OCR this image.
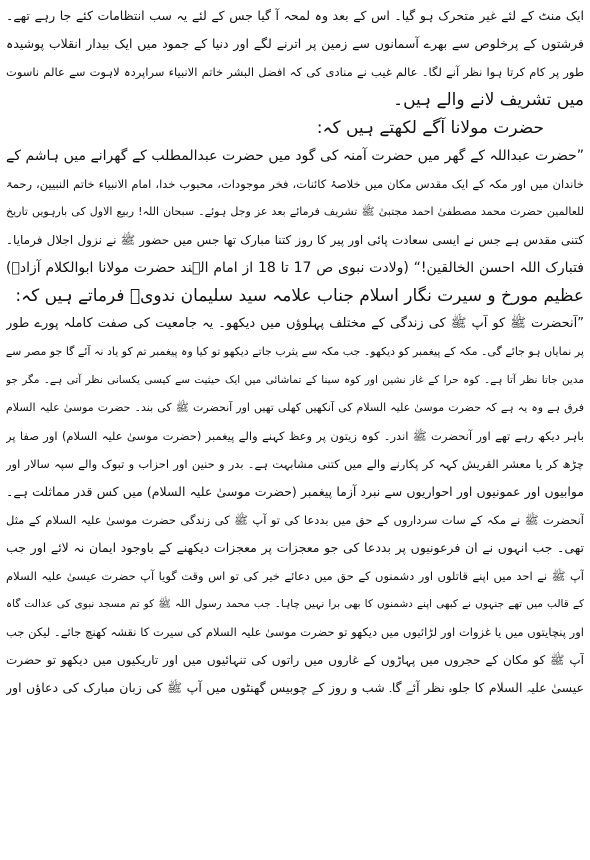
ایک منٹ کے لئے غیر متحرک ہو گیا۔ اس کے بعد وہ لمحہ آ گیا جس کے لئے یہ سب انتظامات کئے جا رہے تھے۔
فرشتوں کے پرخلوص سے بھرے آسمانوں سے زمین پر اترنے لگے اور دنیا کے جمود میں ایک بیدار انقلاب پوشیدہ
طور پر کام کرتا ہوا نظر آنے لگا۔ عالم غیب نے منادی کی کہ افضل البشر خاتم الانبیاء سراپردہ لاہوت سے عالم ناسوت
میں تشریف لانے والے ہیں۔
حضرت مولانا آگے لکھتے ہیں کہ:
”حضرت عبداللہ کے گھر میں حضرت آمنہ کی گود میں حضرت عبدالمطلب کے گھرانے میں ہاشم کے
خاندان میں اور مکہ کے ایک مقدس مکان میں خلاصۂ کائنات، فخر موجودات، محبوب خدا، امام الانبیاء خاتم النبیین، رحمۃ
للعالمین حضرت محمد مصطفیٰ احمد مجتبیٰ ﷺ تشریف فرمائے بعد عز وجل ہوئے۔ سبحان اللہ! ربیع الاول کی بارہویں تاریخ
کتنی مقدس ہے جس نے ایسی سعادت پائی اور پیر کا روز کتنا مبارک تھا جس میں حضور ﷺ نے نزول اجلال فرمایا۔
فتبارک اللہ احسن الخالقین!“ (ولادت نبوی ص 17 تا 18 از امام الہند حضرت مولانا ابوالکلام آزادؒ)
عظیم مورخ و سیرت نگار اسلام جناب علامہ سید سلیمان ندویؒ فرماتے ہیں کہ:
”آنحضرت ﷺ کو آپ ﷺ کی زندگی کے مختلف پہلوؤں میں دیکھو۔ یہ جامعیت کی صفت کاملہ پورے طور
پر نمایاں ہو جائے گی۔ مکہ کے پیغمبر کو دیکھو۔ جب مکہ سے یثرب جاتے دیکھو تو کیا وہ پیغمبر تم کو یاد نہ آئے گا جو مصر سے
مدین جاتا نظر آتا ہے۔ کوہ حرا کے غار نشین اور کوہ سینا کے تماشائی میں ایک حیثیت سے کیسی یکسانی نظر آتی ہے۔ مگر جو
فرق ہے وہ یہ ہے کہ حضرت موسیٰ علیہ السلام کی آنکھیں کھلی تھیں اور آنحضرت ﷺ کی بند۔ حضرت موسیٰ علیہ السلام
باہر دیکھ رہے تھے اور آنحضرت ﷺ اندر۔ کوہ زیتون پر وعظ کہنے والے پیغمبر (حضرت موسیٰ علیہ السلام) اور صفا پر
چڑھ کر یا معشر القریش کہہ کر پکارنے والے میں کتنی مشابہت ہے۔ بدر و حنین اور احزاب و تبوک والے سپہ سالار اور
موابیوں اور عمونیوں اور احواریوں سے نبرد آزما پیغمبر (حضرت موسیٰ علیہ السلام) میں کس قدر مماثلت ہے۔
آنحضرت ﷺ نے مکہ کے سات سرداروں کے حق میں بددعا کی تو آپ ﷺ کی زندگی حضرت موسیٰ علیہ السلام کے مثل
تھی۔ جب انہوں نے ان فرعونیوں پر بددعا کی جو معجزات پر معجزات دیکھنے کے باوجود ایمان نہ لائے اور جب
آپ ﷺ نے احد میں اپنے قاتلوں اور دشمنوں کے حق میں دعائے خیر کی تو اس وقت گویا آپ حضرت عیسیٰ علیہ السلام
کے قالب میں تھے جنہوں نے کبھی اپنے دشمنوں کا بھی برا نہیں چاہا۔ جب محمد رسول اللہ ﷺ کو تم مسجد نبوی کی عدالت گاہ
اور پنچایتوں میں یا غزوات اور لڑائیوں میں دیکھو تو حضرت موسیٰ علیہ السلام کی سیرت کا نقشہ کھنچ جائے۔ لیکن جب
آپ ﷺ کو مکان کے حجروں میں پہاڑوں کے غاروں میں راتوں کی تنہائیوں میں اور تاریکیوں میں دیکھو تو حضرت
عیسیٰ علیہ السلام کا جلوہ نظر آئے گا۔ شب و روز کے چوبیس گھنٹوں میں آپ ﷺ کی زبان مبارک کی دعاؤں اور
